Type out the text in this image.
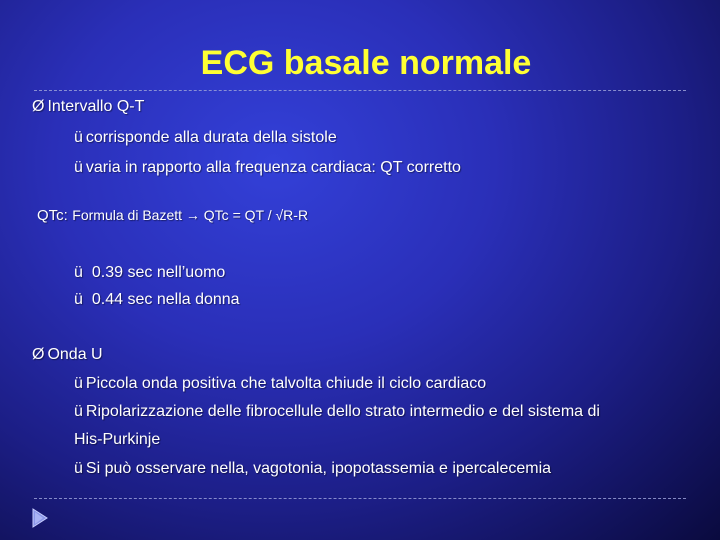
ECG basale normale
Ø Intervallo Q-T
ü corrisponde alla durata della sistole
ü varia in rapporto alla frequenza cardiaca: QT corretto
QTc: Formula di Bazett → QTc = QT / √R-R
ü 0.39 sec nell’uomo
ü 0.44 sec nella donna
Ø Onda U
ü Piccola onda positiva che talvolta chiude il ciclo cardiaco
ü Ripolarizzazione delle fibrocellule dello strato intermedio e del sistema di
His-Purkinje
ü Si può osservare nella, vagotonia, ipopotassemia e ipercalecemia
